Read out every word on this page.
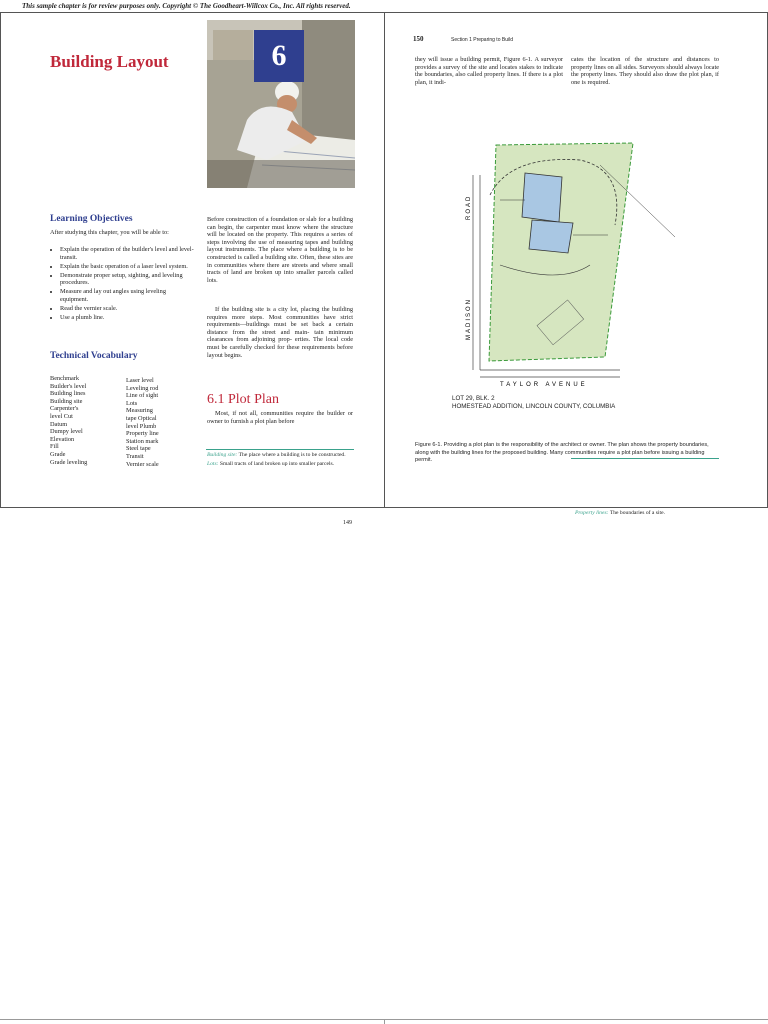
This sample chapter is for review purposes only. Copyright © The Goodheart-Willcox Co., Inc. All rights reserved.
Building Layout	6
Learning Objectives
After studying this chapter, you will be able to:
• Explain the operation of the builder's level and level-transit.
• Explain the basic operation of a laser level system.
• Demonstrate proper setup, sighting, and leveling procedures.
• Measure and lay out angles using leveling equipment.
• Read the vernier scale.
• Use a plumb line.
Technical Vocabulary
Benchmark
Builder's level
Building lines
Building site
Carpenter's
level Cut
Datum
Dumpy level
Elevation
Fill
Grade
Grade leveling
Laser level
Leveling rod
Line of sight
Lots
Measuring
tape Optical
level Plumb
Property line
Station mark
Steel tape
Transit
Vernier scale
Before construction of a foundation or slab for a building can begin, the carpenter must know where the structure will be located on the property. This requires a series of steps involving the use of measuring tapes and building layout instruments. The place where a building is to be constructed is called a building site. Often, these sites are in communities where there are streets and where small tracts of land are broken up into smaller parcels called lots.
If the building site is a city lot, placing the building requires more steps. Most communities have strict requirements—buildings must be set back a certain distance from the street and main- tain minimum clearances from adjoining prop- erties. The local code must be carefully checked for these requirements before layout begins.
6.1 Plot Plan
Most, if not all, communities require the builder or owner to furnish a plot plan before
Building site: The place where a building is to be constructed.
Lots: Small tracts of land broken up into smaller parcels.
149
150	Section 1 Preparing to Build
they will issue a building permit, Figure 6-1. A surveyor provides a survey of the site and locates stakes to indicate the boundaries, also called property lines. If there is a plot plan, it indi-
cates the location of the structure and distances to property lines on all sides. Surveyors should always locate the property lines. They should also draw the plot plan, if one is required.
ROAD
MADISON
TAYLOR AVENUE
LOT 29, BLK. 2
HOMESTEAD ADDITION, LINCOLN COUNTY, COLUMBIA
Figure 6-1. Providing a plot plan is the responsibility of the architect or owner. The plan shows the property boundaries, along with the building lines for the proposed building. Many communities require a plot plan before issuing a building permit.
Property lines: The boundaries of a site.
